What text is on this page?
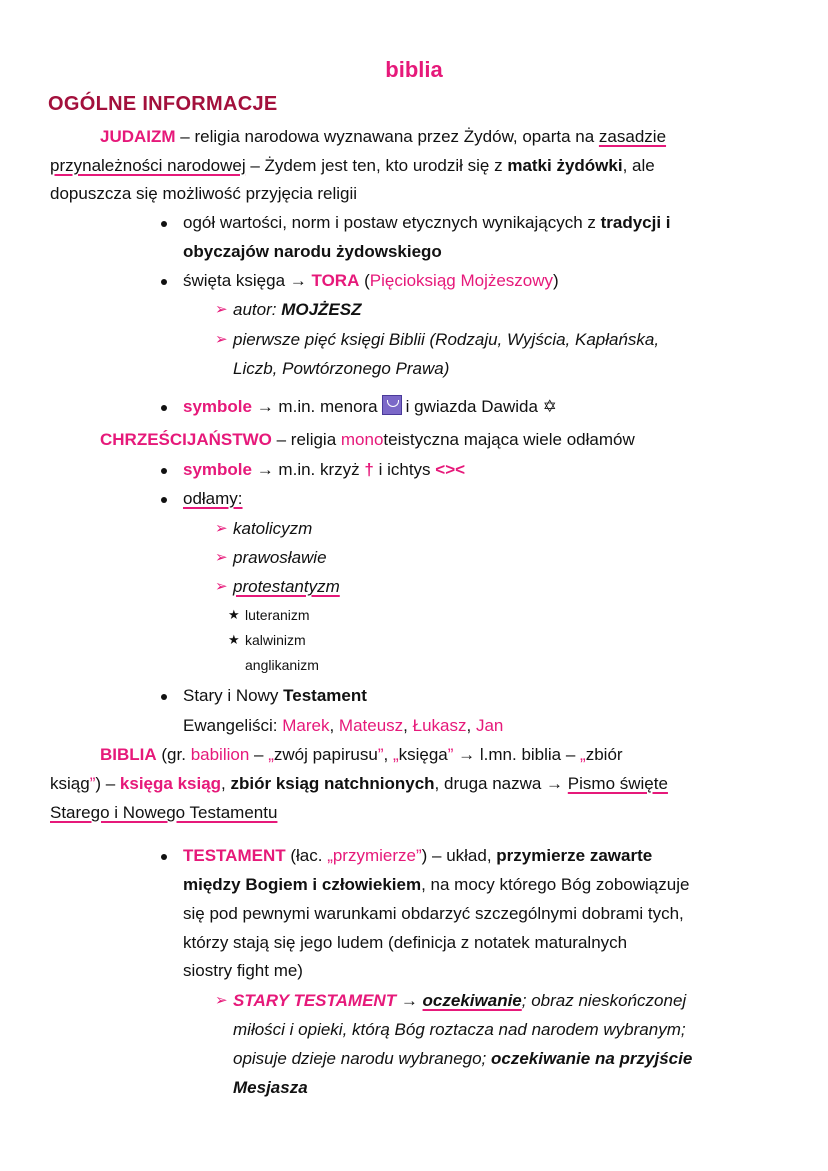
biblia
OGÓLNE INFORMACJE
JUDAIZM – religia narodowa wyznawana przez Żydów, oparta na zasadzie
przynależności narodowej – Żydem jest ten, kto urodził się z matki żydówki, ale
dopuszcza się możliwość przyjęcia religii
ogół wartości, norm i postaw etycznych wynikających z tradycji i
obyczajów narodu żydowskiego
święta księga → TORA (Pięcioksiąg Mojżeszowy)
➢ autor: MOJŻESZ
➢ pierwsze pięć księgi Biblii (Rodzaju, Wyjścia, Kapłańska,
Liczb, Powtórzonego Prawa)
symbole → m.in. menora i gwiazda Dawida ✡
CHRZEŚCIJAŃSTWO – religia monoteistyczna mająca wiele odłamów
symbole → m.in. krzyż † i ichtys <><
odłamy:
➢ katolicyzm
➢ prawosławie
➢ protestantyzm
★ luteranizm
★ kalwinizm
anglikanizm
Stary i Nowy Testament
Ewangeliści: Marek, Mateusz, Łukasz, Jan
BIBLIA (gr. babilion – „zwój papirusu”, „księga” → l.mn. biblia – „zbiór
ksiąg”) – księga ksiąg, zbiór ksiąg natchnionych, druga nazwa → Pismo święte
Starego i Nowego Testamentu
TESTAMENT (łac. „przymierze”) – układ, przymierze zawarte
między Bogiem i człowiekiem, na mocy którego Bóg zobowiązuje
się pod pewnymi warunkami obdarzyć szczególnymi dobrami tych,
którzy stają się jego ludem (definicja z notatek maturalnych
siostry fight me)
➢ STARY TESTAMENT → oczekiwanie; obraz nieskończonej
miłości i opieki, którą Bóg roztacza nad narodem wybranym;
opisuje dzieje narodu wybranego; oczekiwanie na przyjście
Mesjasza
